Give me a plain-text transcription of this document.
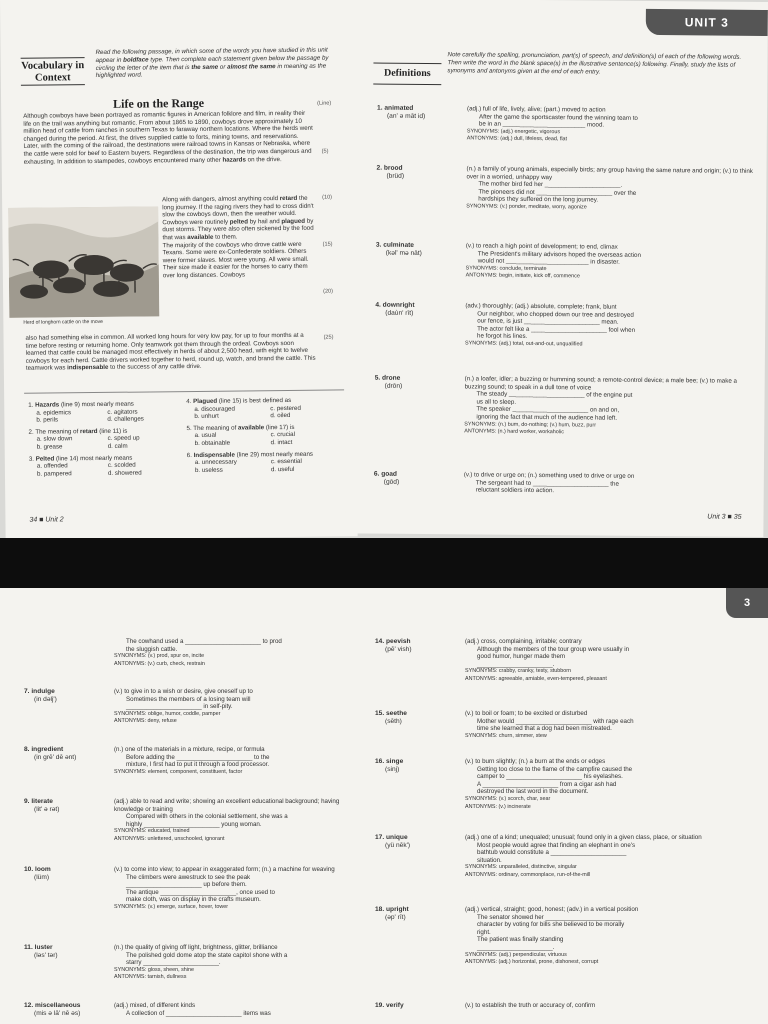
Vocabulary in Context
Read the following passage, in which some of the words you have studied in this unit appear in boldface type. Then complete each statement given below the passage by circling the letter of the item that is the same or almost the same in meaning as the highlighted word.
Life on the Range	(Line)
Although cowboys have been portrayed as romantic figures in American folklore and film, in reality their life on the trail was anything but romantic. From about 1865 to 1890, cowboys drove approximately 10 million head of cattle from ranches in southern Texas to faraway northern locations. Where the herds went changed during the period. At first, the drives supplied cattle to forts, mining towns, and reservations. Later, with the coming of the railroad, the destinations were railroad towns in Kansas or Nebraska, where the cattle were sold for beef to Eastern buyers. Regardless of the destination, the trip was dangerous and exhausting. In addition to stampedes, cowboys encountered many other hazards on the drive.
Herd of longhorn cattle on the move
Along with dangers, almost anything could retard the long journey. If the raging rivers they had to cross didn't slow the cowboys down, then the weather would. Cowboys were routinely pelted by hail and plagued by dust storms. They were also often sickened by the food that was available to them.
The majority of the cowboys who drove cattle were Texans. Some were ex-Confederate soldiers. Others were former slaves. Most were young. All were small. Their size made it easier for the horses to carry them over long distances. Cowboys
also had something else in common. All worked long hours for very low pay, for up to four months at a time before resting or returning home. Only teamwork got them through the ordeal. Cowboys soon learned that cattle could be managed most effectively in herds of about 2,500 head, with eight to twelve cowboys for each herd. Cattle drivers worked together to herd, round up, watch, and brand the cattle. This teamwork was indispensable to the success of any cattle drive.
(5)
(10)
(15)
(20)
(25)
1. Hazards (line 9) most nearly means
a. epidemics	c. agitators
b. perils	d. challenges
2. The meaning of retard (line 11) is
a. slow down	c. speed up
b. grease	d. calm
3. Pelted (line 14) most nearly means
a. offended	c. scolded
b. pampered	d. showered
4. Plagued (line 15) is best defined as
a. discouraged	c. pestered
b. unhurt	d. oiled
5. The meaning of available (line 17) is
a. usual	c. crucial
b. obtainable	d. intact
6. Indispensable (line 29) most nearly means
a. unnecessary	c. essential
b. useless	d. useful
34 ■ Unit 2
UNIT 3
Definitions
Note carefully the spelling, pronunciation, part(s) of speech, and definition(s) of each of the following words. Then write the word in the blank space(s) in the illustrative sentence(s) following. Finally, study the lists of synonyms and antonyms given at the end of each entry.
1. animated
(an' ə māt id)
(adj.) full of life, lively, alive; (part.) moved to action
After the game the sportscaster found the winning team to
be in an ________________________ mood.
SYNONYMS: (adj.) energetic, vigorous
ANTONYMS: (adj.) dull, lifeless, dead, flat
2. brood
(brüd)
(n.) a family of young animals, especially birds; any group having the same nature and origin; (v.) to think over in a worried, unhappy way
The mother bird fed her ______________________.
The pioneers did not ______________________ over the
hardships they suffered on the long journey.
SYNONYMS: (v.) ponder, meditate, worry, agonize
3. culminate
(kəl' mə nāt)
(v.) to reach a high point of development; to end, climax
The President's military advisors hoped the overseas action
would not ________________________ in disaster.
SYNONYMS: conclude, terminate
ANTONYMS: begin, initiate, kick off, commence
4. downright
(daùn' rīt)
(adv.) thoroughly; (adj.) absolute, complete; frank, blunt
Our neighbor, who chopped down our tree and destroyed
our fence, is just ______________________ mean.
The actor felt like a ______________________ fool when
he forgot his lines.
SYNONYMS: (adj.) total, out-and-out, unqualified
5. drone
(drōn)
(n.) a loafer, idler; a buzzing or humming sound; a remote-control device; a male bee; (v.) to make a buzzing sound; to speak in a dull tone of voice
The steady ______________________ of the engine put
us all to sleep.
The speaker ______________________ on and on,
ignoring the fact that much of the audience had left.
SYNONYMS: (n.) bum, do-nothing; (v.) hum, buzz, purr
ANTONYMS: (n.) hard worker, workaholic
6. goad
(gōd)
(v.) to drive or urge on; (n.) something used to drive or urge on
The sergeant had to ______________________ the
reluctant soldiers into action.
Unit 3 ■ 35
3
The cowhand used a ______________________ to prod
the sluggish cattle.
SYNONYMS: (v.) prod, spur on, incite
ANTONYMS: (v.) curb, check, restrain
7. indulge
(in dəlj')
(v.) to give in to a wish or desire, give oneself up to
Sometimes the members of a losing team will
______________________ in self-pity.
SYNONYMS: oblige, humor, coddle, pamper
ANTONYMS: deny, refuse
8. ingredient
(in grē' dē ənt)
(n.) one of the materials in a mixture, recipe, or formula
Before adding the ______________________ to the
mixture, I first had to put it through a food processor.
SYNONYMS: element, component, constituent, factor
9. literate
(lit' ə rət)
(adj.) able to read and write; showing an excellent educational background; having knowledge or training
Compared with others in the colonial settlement, she was a
highly ______________________ young woman.
SYNONYMS: educated, trained
ANTONYMS: unlettered, unschooled, ignorant
10. loom
(lüm)
(v.) to come into view; to appear in exaggerated form; (n.) a machine for weaving
The climbers were awestruck to see the peak
______________________ up before them.
The antique ______________________, once used to
make cloth, was on display in the crafts museum.
SYNONYMS: (v.) emerge, surface, hover, tower
11. luster
(ləs' tər)
(n.) the quality of giving off light, brightness, glitter, brilliance
The polished gold dome atop the state capitol shone with a
starry ______________________.
SYNONYMS: gloss, sheen, shine
ANTONYMS: tarnish, dullness
12. miscellaneous
(mis ə lā' nē əs)
(adj.) mixed, of different kinds
A collection of ______________________ items was
14. peevish
(pē' vish)
(adj.) cross, complaining, irritable; contrary
Although the members of the tour group were usually in
good humor, hunger made them
______________________.
SYNONYMS: crabby, cranky, testy, stubborn
ANTONYMS: agreeable, amiable, even-tempered, pleasant
15. seethe
(sēth)
(v.) to boil or foam; to be excited or disturbed
Mother would ______________________ with rage each
time she learned that a dog had been mistreated.
SYNONYMS: churn, simmer, stew
16. singe
(sinj)
(v.) to burn slightly; (n.) a burn at the ends or edges
Getting too close to the flame of the campfire caused the
camper to ______________________ his eyelashes.
A ______________________ from a cigar ash had
destroyed the last word in the document.
SYNONYMS: (v.) scorch, char, sear
ANTONYMS: (v.) incinerate
17. unique
(yü nēk')
(adj.) one of a kind; unequaled; unusual; found only in a given class, place, or situation
Most people would agree that finding an elephant in one's
bathtub would constitute a ______________________
situation.
SYNONYMS: unparalleled, distinctive, singular
ANTONYMS: ordinary, commonplace, run-of-the-mill
18. upright
(əp' rīt)
(adj.) vertical, straight; good, honest; (adv.) in a vertical position
The senator showed her ______________________
character by voting for bills she believed to be morally
right.
The patient was finally standing
______________________.
SYNONYMS: (adj.) perpendicular, virtuous
ANTONYMS: (adj.) horizontal, prone, dishonest, corrupt
19. verify	(v.) to establish the truth or accuracy of, confirm
